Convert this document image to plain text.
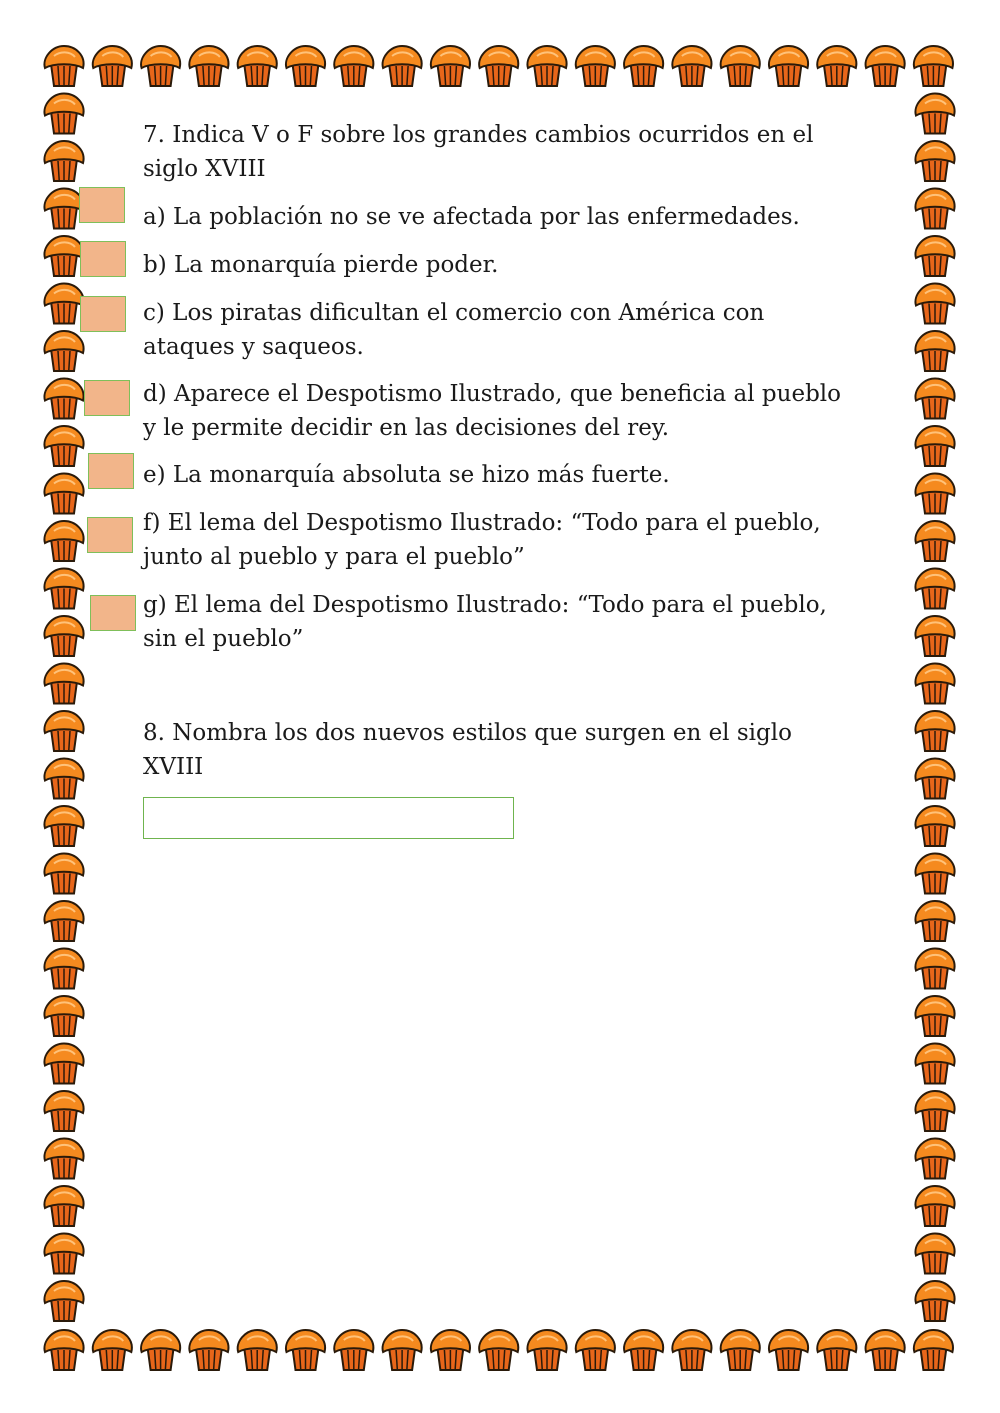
7. Indica V o F sobre los grandes cambios ocurridos en el siglo XVIII

a) La población no se ve afectada por las enfermedades.

b) La monarquía pierde poder.

c) Los piratas dificultan el comercio con América con ataques y saqueos.

d) Aparece el Despotismo Ilustrado, que beneficia al pueblo y le permite decidir en las decisiones del rey.

e) La monarquía absoluta se hizo más fuerte.

f) El lema del Despotismo Ilustrado: “Todo para el pueblo, junto al pueblo y para el pueblo”

g) El lema del Despotismo Ilustrado: “Todo para el pueblo, sin el pueblo”

8. Nombra los dos nuevos estilos que surgen en el siglo XVIII
